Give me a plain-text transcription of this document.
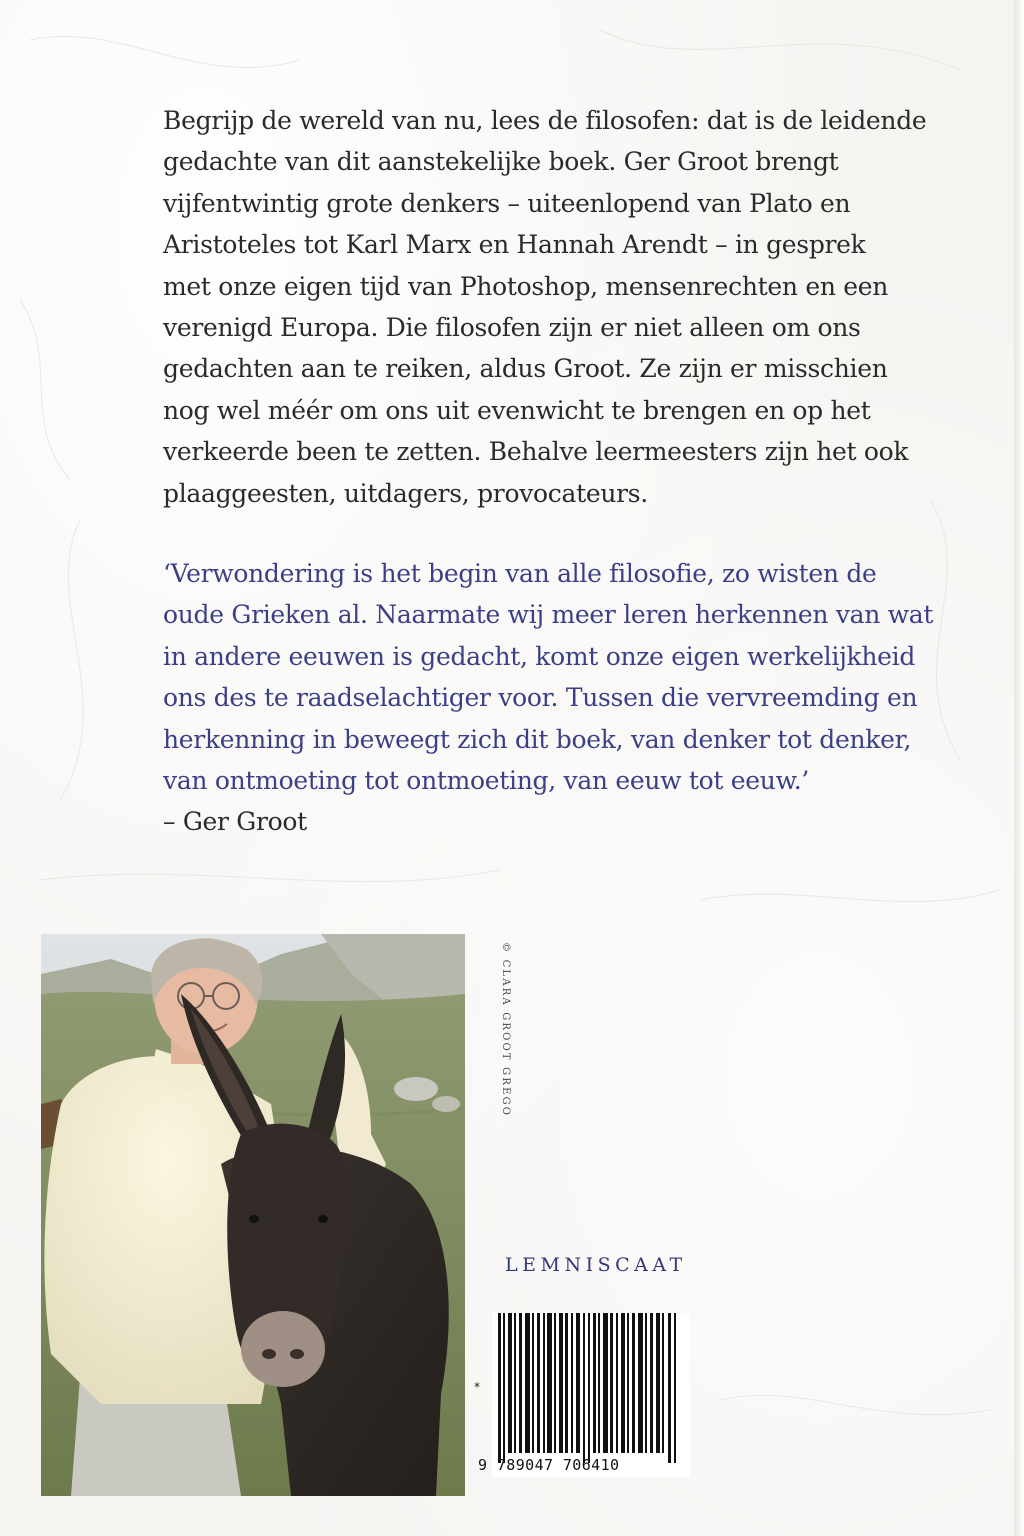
Begrijp de wereld van nu, lees de filosofen: dat is de leidende
gedachte van dit aanstekelijke boek. Ger Groot brengt
vijfentwintig grote denkers – uiteenlopend van Plato en
Aristoteles tot Karl Marx en Hannah Arendt – in gesprek
met onze eigen tijd van Photoshop, mensenrechten en een
verenigd Europa. Die filosofen zijn er niet alleen om ons
gedachten aan te reiken, aldus Groot. Ze zijn er misschien
nog wel méér om ons uit evenwicht te brengen en op het
verkeerde been te zetten. Behalve leermeesters zijn het ook
plaaggeesten, uitdagers, provocateurs.
‘Verwondering is het begin van alle filosofie, zo wisten de
oude Grieken al. Naarmate wij meer leren herkennen van wat
in andere eeuwen is gedacht, komt onze eigen werkelijkheid
ons des te raadselachtiger voor. Tussen die vervreemding en
herkenning in beweegt zich dit boek, van denker tot denker,
van ontmoeting tot ontmoeting, van eeuw tot eeuw.’
– Ger Groot
© CLARA GROOT GREGO
LEMNISCAAT
*
9 789047 706410
